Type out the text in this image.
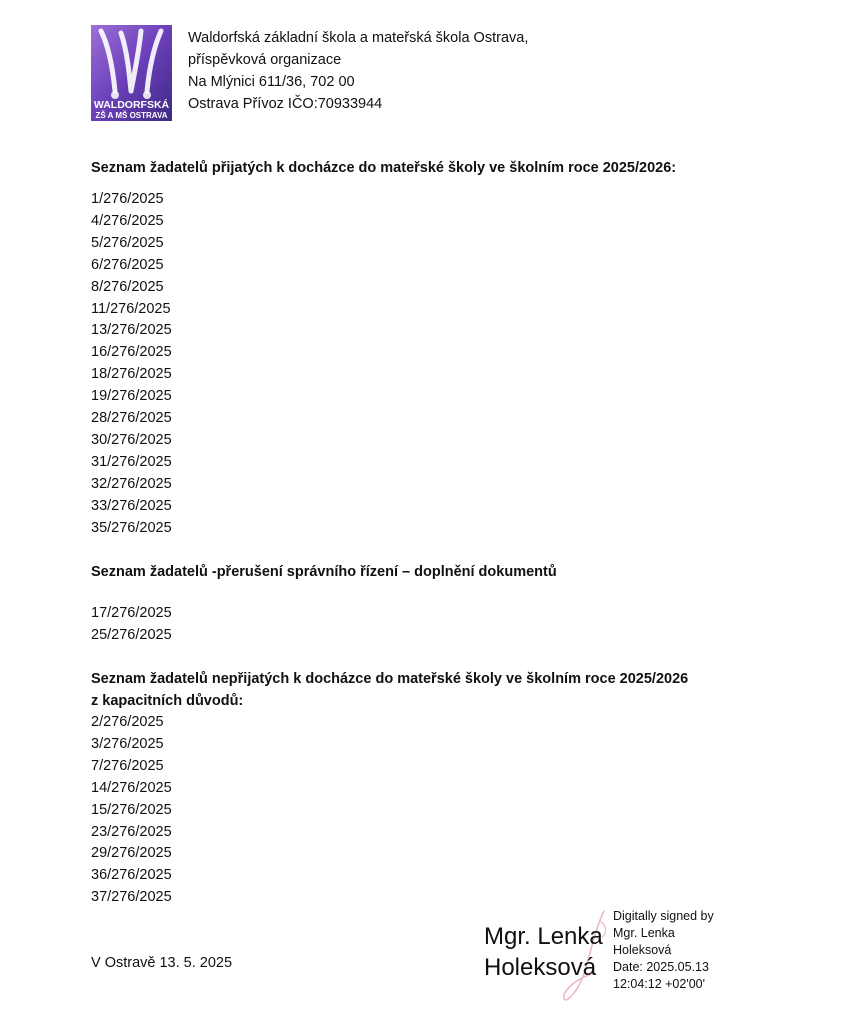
WALDORFSKÁ
ZŠ A MŠ OSTRAVA
Waldorfská základní škola a mateřská škola Ostrava,
příspěvková organizace
Na Mlýnici 611/36, 702 00
Ostrava Přívoz IČO:70933944
Seznam žadatelů přijatých k docházce do mateřské školy ve školním roce 2025/2026:
1/276/2025
4/276/2025
5/276/2025
6/276/2025
8/276/2025
11/276/2025
13/276/2025
16/276/2025
18/276/2025
19/276/2025
28/276/2025
30/276/2025
31/276/2025
32/276/2025
33/276/2025
35/276/2025
Seznam žadatelů -přerušení správního řízení – doplnění dokumentů
17/276/2025
25/276/2025
Seznam žadatelů nepřijatých k docházce do mateřské školy ve školním roce 2025/2026
z kapacitních důvodů:
2/276/2025
3/276/2025
7/276/2025
14/276/2025
15/276/2025
23/276/2025
29/276/2025
36/276/2025
37/276/2025
V Ostravě 13. 5. 2025
Mgr. Lenka
Holeksová
Digitally signed by
Mgr. Lenka
Holeksová
Date: 2025.05.13
12:04:12 +02'00'
